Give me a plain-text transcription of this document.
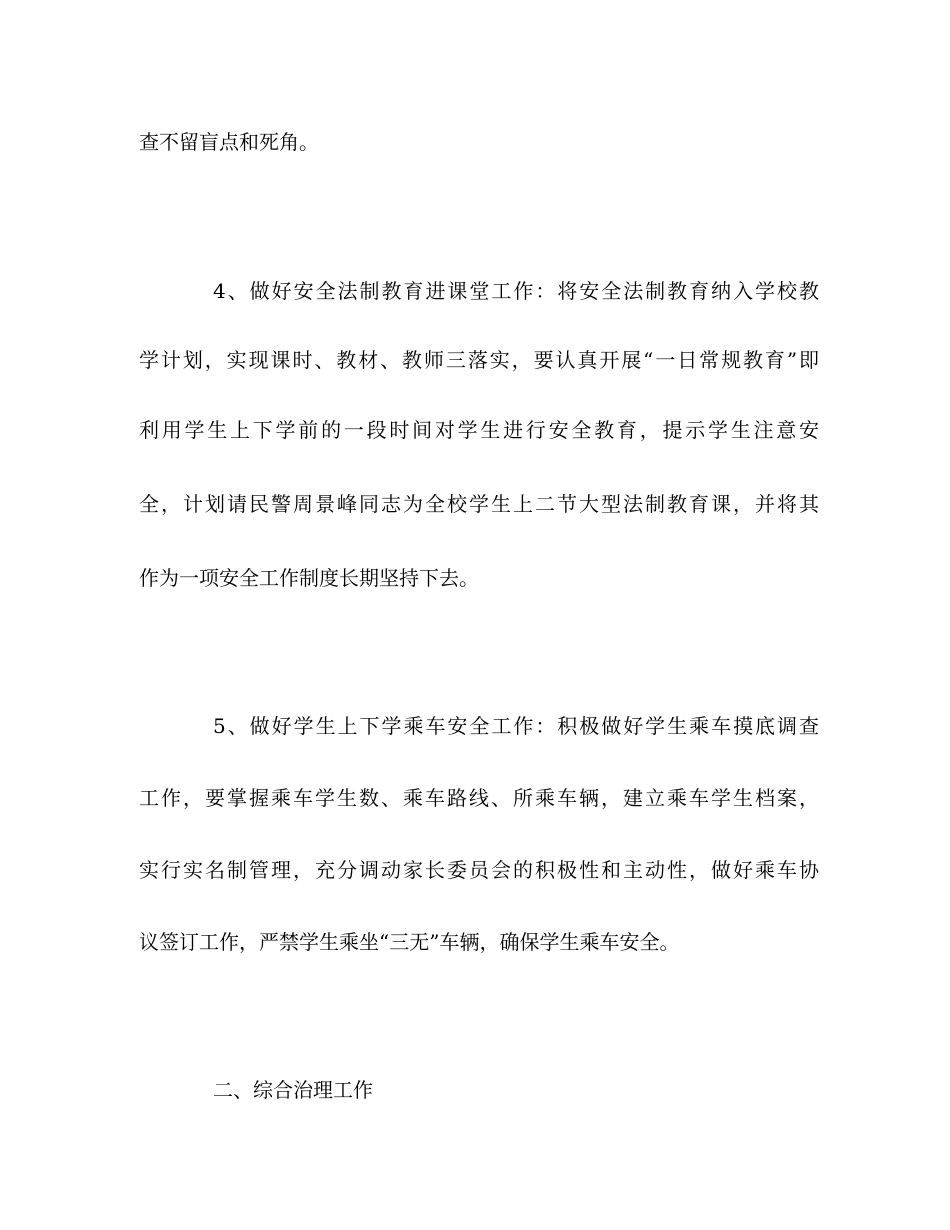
查不留盲点和死角。
4、做好安全法制教育进课堂工作：将安全法制教育纳入学校教
学计划，实现课时、教材、教师三落实，要认真开展“一日常规教育”即
利用学生上下学前的一段时间对学生进行安全教育，提示学生注意安
全，计划请民警周景峰同志为全校学生上二节大型法制教育课，并将其
作为一项安全工作制度长期坚持下去。
5、做好学生上下学乘车安全工作：积极做好学生乘车摸底调查
工作，要掌握乘车学生数、乘车路线、所乘车辆，建立乘车学生档案，
实行实名制管理，充分调动家长委员会的积极性和主动性，做好乘车协
议签订工作，严禁学生乘坐“三无”车辆，确保学生乘车安全。
二、综合治理工作
